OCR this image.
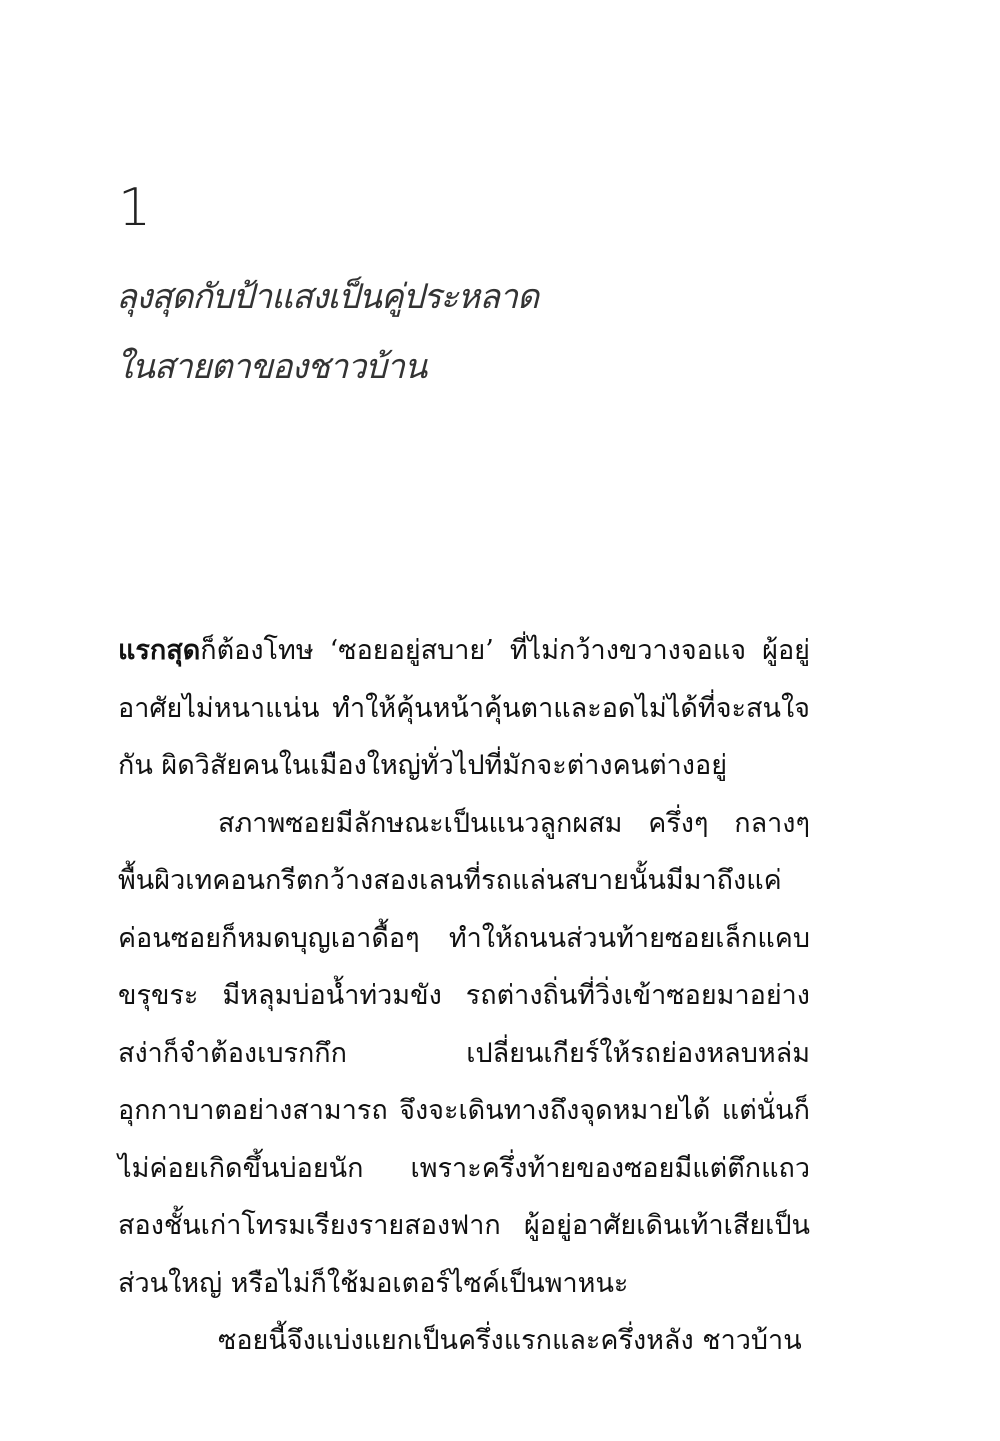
1
ลุงสุดกับป้าแสงเป็นคู่ประหลาด
ในสายตาของชาวบ้าน

แรกสุดก็ต้องโทษ ‘ซอยอยู่สบาย’ ที่ไม่กว้างขวางจอแจ ผู้อยู่อาศัยไม่หนาแน่น ทำให้คุ้นหน้าคุ้นตาและอดไม่ได้ที่จะสนใจกัน ผิดวิสัยคนในเมืองใหญ่ทั่วไปที่มักจะต่างคนต่างอยู่

สภาพซอยมีลักษณะเป็นแนวลูกผสม ครึ่งๆ กลางๆ พื้นผิวเทคอนกรีตกว้างสองเลนที่รถแล่นสบายนั้นมีมาถึงแค่ค่อนซอยก็หมดบุญเอาดื้อๆ ทำให้ถนนส่วนท้ายซอยเล็กแคบขรุขระ มีหลุมบ่อน้ำท่วมขัง รถต่างถิ่นที่วิ่งเข้าซอยมาอย่างสง่าก็จำต้องเบรกกึก เปลี่ยนเกียร์ให้รถย่องหลบหล่มอุกกาบาตอย่างสามารถ จึงจะเดินทางถึงจุดหมายได้ แต่นั่นก็ไม่ค่อยเกิดขึ้นบ่อยนัก เพราะครึ่งท้ายของซอยมีแต่ตึกแถวสองชั้นเก่าโทรมเรียงรายสองฟาก ผู้อยู่อาศัยเดินเท้าเสียเป็นส่วนใหญ่ หรือไม่ก็ใช้มอเตอร์ไซค์เป็นพาหนะ

ซอยนี้จึงแบ่งแยกเป็นครึ่งแรกและครึ่งหลัง ชาวบ้าน
